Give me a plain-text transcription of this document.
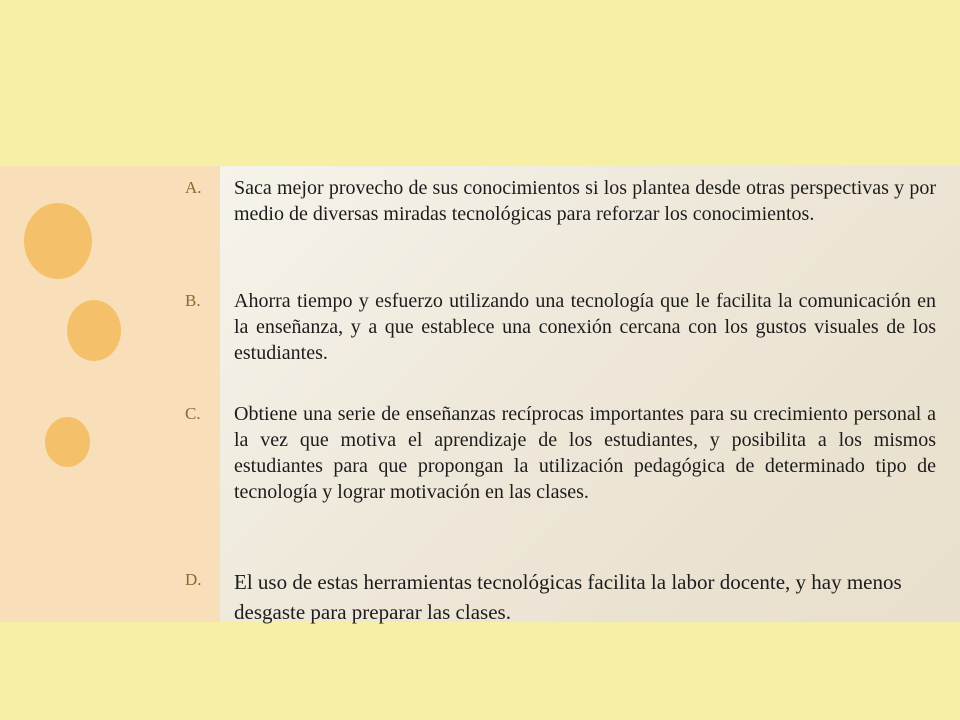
A.	Saca mejor provecho de sus conocimientos si los plantea desde otras perspectivas y por medio de diversas miradas tecnológicas para reforzar los conocimientos.

B.	Ahorra tiempo y esfuerzo utilizando una tecnología que le facilita la comunicación en la enseñanza, y a que establece una conexión cercana con los gustos visuales de los estudiantes.

C.	Obtiene una serie de enseñanzas recíprocas importantes para su crecimiento personal a la vez que motiva el aprendizaje de los estudiantes, y posibilita a los mismos estudiantes para que propongan la utilización pedagógica de determinado tipo de tecnología y lograr motivación en las clases.

D.	El uso de estas herramientas tecnológicas facilita la labor docente, y hay menos desgaste para preparar las clases.
